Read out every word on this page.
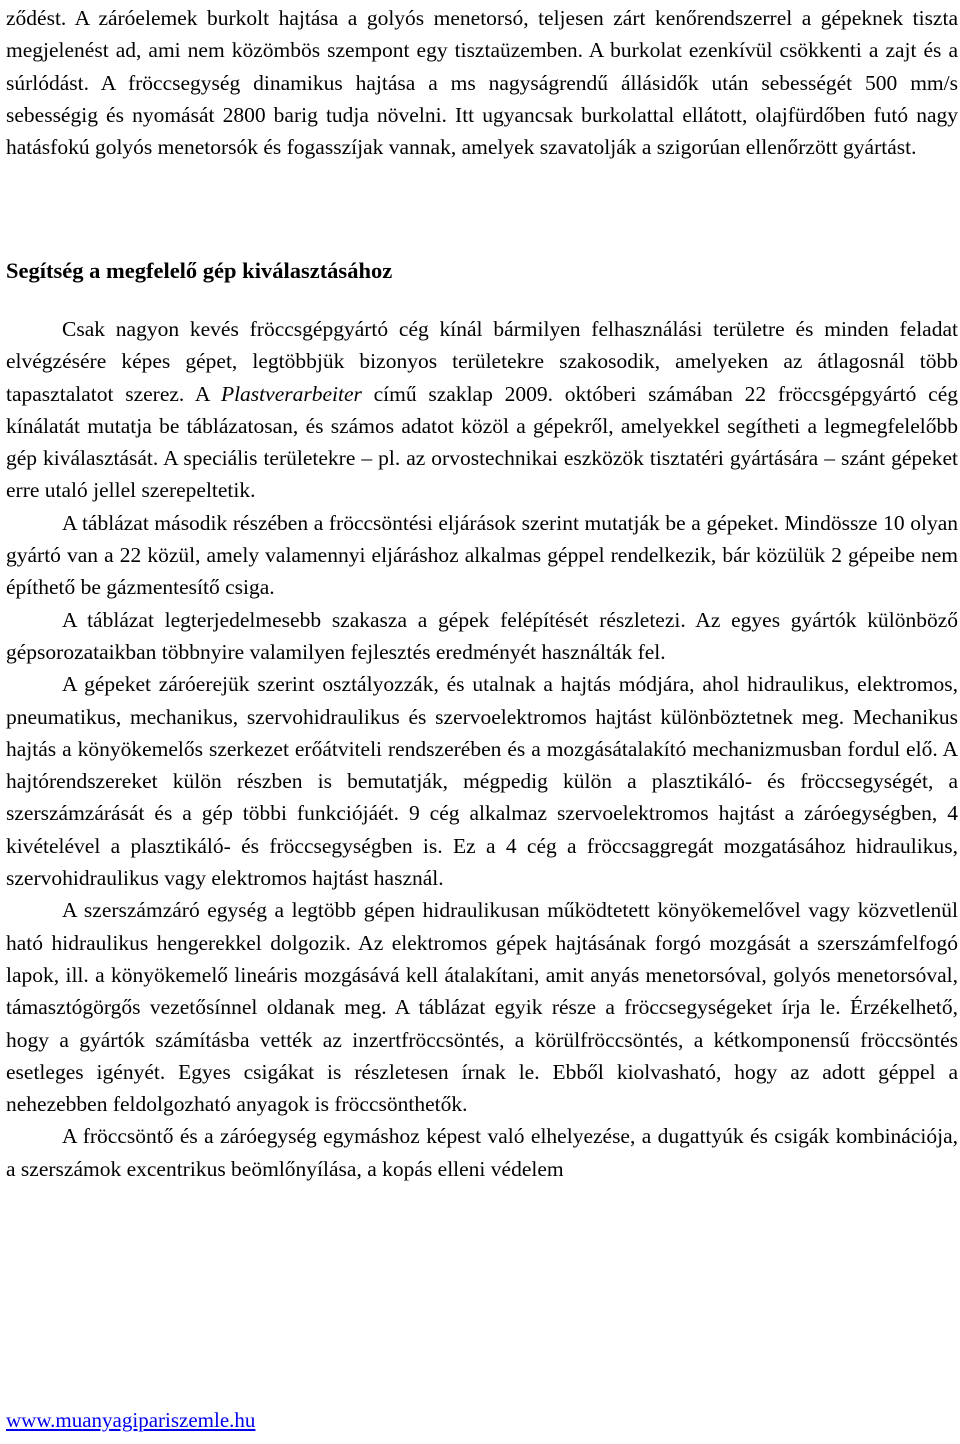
ződést. A záróelemek burkolt hajtása a golyós menetorsó, teljesen zárt kenőrendszerrel a gépeknek tiszta megjelenést ad, ami nem közömbös szempont egy tisztaüzemben. A burkolat ezenkívül csökkenti a zajt és a súrlódást. A fröccsegység dinamikus hajtása a ms nagyságrendű állásidők után sebességét 500 mm/s sebességig és nyomását 2800 barig tudja növelni. Itt ugyancsak burkolattal ellátott, olajfürdőben futó nagy hatásfokú golyós menetorsók és fogasszíjak vannak, amelyek szavatolják a szigorúan ellenőrzött gyártást.

Segítség a megfelelő gép kiválasztásához

Csak nagyon kevés fröccsgépgyártó cég kínál bármilyen felhasználási területre és minden feladat elvégzésére képes gépet, legtöbbjük bizonyos területekre szakosodik, amelyeken az átlagosnál több tapasztalatot szerez. A Plastverarbeiter című szaklap 2009. októberi számában 22 fröccsgépgyártó cég kínálatát mutatja be táblázatosan, és számos adatot közöl a gépekről, amelyekkel segítheti a legmegfelelőbb gép kiválasztását. A speciális területekre – pl. az orvostechnikai eszközök tisztatéri gyártására – szánt gépeket erre utaló jellel szerepeltetik.

A táblázat második részében a fröccsöntési eljárások szerint mutatják be a gépeket. Mindössze 10 olyan gyártó van a 22 közül, amely valamennyi eljáráshoz alkalmas géppel rendelkezik, bár közülük 2 gépeibe nem építhető be gázmentesítő csiga.

A táblázat legterjedelmesebb szakasza a gépek felépítését részletezi. Az egyes gyártók különböző gépsorozataikban többnyire valamilyen fejlesztés eredményét használták fel.

A gépeket záróerejük szerint osztályozzák, és utalnak a hajtás módjára, ahol hidraulikus, elektromos, pneumatikus, mechanikus, szervohidraulikus és szervoelektromos hajtást különböztetnek meg. Mechanikus hajtás a könyökemelős szerkezet erőátviteli rendszerében és a mozgásátalakító mechanizmusban fordul elő. A hajtórendszereket külön részben is bemutatják, mégpedig külön a plasztikáló- és fröccsegységét, a szerszámzárását és a gép többi funkciójáét. 9 cég alkalmaz szervoelektromos hajtást a záróegységben, 4 kivételével a plasztikáló- és fröccsegységben is. Ez a 4 cég a fröccsaggregát mozgatásához hidraulikus, szervohidraulikus vagy elektromos hajtást használ.

A szerszámzáró egység a legtöbb gépen hidraulikusan működtetett könyökemelővel vagy közvetlenül ható hidraulikus hengerekkel dolgozik. Az elektromos gépek hajtásának forgó mozgását a szerszámfelfogó lapok, ill. a könyökemelő lineáris mozgásává kell átalakítani, amit anyás menetorsóval, golyós menetorsóval, támasztógörgős vezetősínnel oldanak meg. A táblázat egyik része a fröccsegységeket írja le. Érzékelhető, hogy a gyártók számításba vették az inzertfröccsöntés, a körülfröccsöntés, a kétkomponensű fröccsöntés esetleges igényét. Egyes csigákat is részletesen írnak le. Ebből kiolvasható, hogy az adott géppel a nehezebben feldolgozható anyagok is fröccsönthetők.

A fröccsöntő és a záróegység egymáshoz képest való elhelyezése, a dugattyúk és csigák kombinációja, a szerszámok excentrikus beömlőnyílása, a kopás elleni védelem

www.muanyagipariszemle.hu
